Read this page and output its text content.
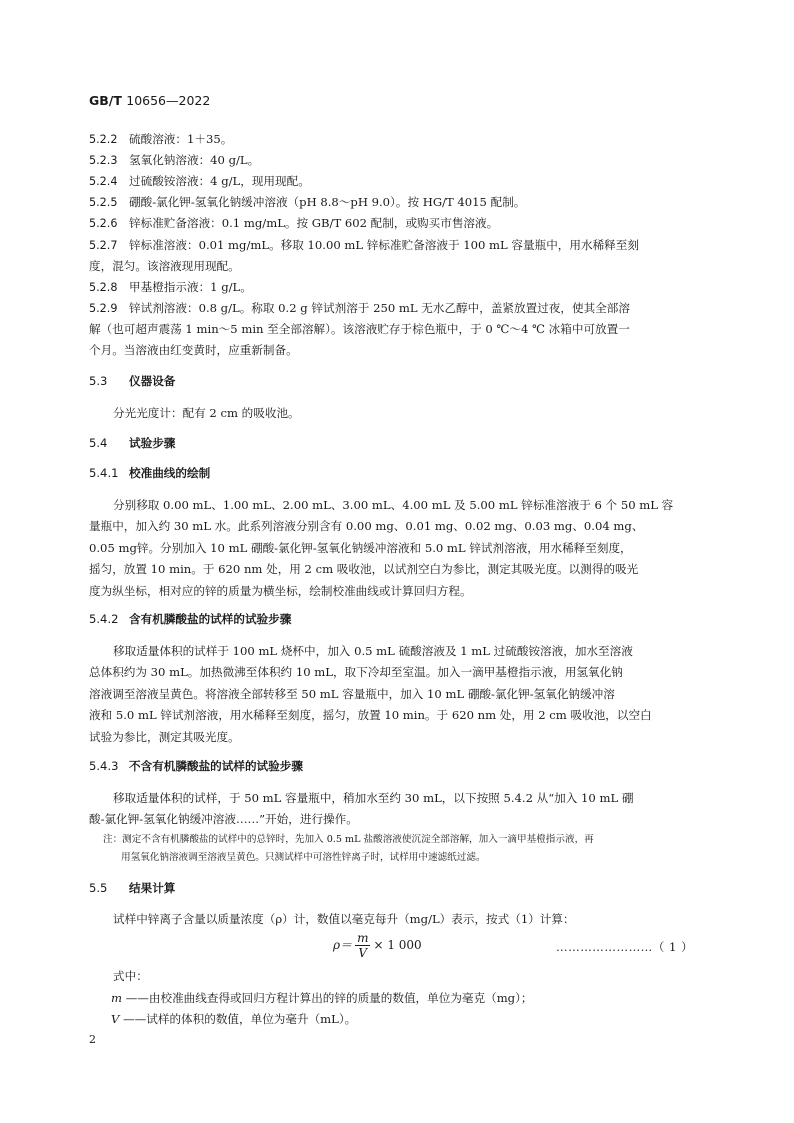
GB/T 10656—2022
5.2.2 硫酸溶液：1＋35。
5.2.3 氢氧化钠溶液：40 g/L。
5.2.4 过硫酸铵溶液：4 g/L，现用现配。
5.2.5 硼酸-氯化钾-氢氧化钠缓冲溶液（pH 8.8～pH 9.0）。按 HG/T 4015 配制。
5.2.6 锌标准贮备溶液：0.1 mg/mL。按 GB/T 602 配制，或购买市售溶液。
5.2.7 锌标准溶液：0.01 mg/mL。移取 10.00 mL 锌标准贮备溶液于 100 mL 容量瓶中，用水稀释至刻
度，混匀。该溶液现用现配。
5.2.8 甲基橙指示液：1 g/L。
5.2.9 锌试剂溶液：0.8 g/L。称取 0.2 g 锌试剂溶于 250 mL 无水乙醇中，盖紧放置过夜，使其全部溶
解（也可超声震荡 1 min～5 min 至全部溶解）。该溶液贮存于棕色瓶中，于 0 ℃～4 ℃ 冰箱中可放置一
个月。当溶液由红变黄时，应重新制备。
5.3 仪器设备
分光光度计：配有 2 cm 的吸收池。
5.4 试验步骤
5.4.1 校准曲线的绘制
分别移取 0.00 mL、1.00 mL、2.00 mL、3.00 mL、4.00 mL 及 5.00 mL 锌标准溶液于 6 个 50 mL 容
量瓶中，加入约 30 mL 水。此系列溶液分别含有 0.00 mg、0.01 mg、0.02 mg、0.03 mg、0.04 mg、
0.05 mg锌。分别加入 10 mL 硼酸-氯化钾-氢氧化钠缓冲溶液和 5.0 mL 锌试剂溶液，用水稀释至刻度，
摇匀，放置 10 min。于 620 nm 处，用 2 cm 吸收池，以试剂空白为参比，测定其吸光度。以测得的吸光
度为纵坐标，相对应的锌的质量为横坐标，绘制校准曲线或计算回归方程。
5.4.2 含有机膦酸盐的试样的试验步骤
移取适量体积的试样于 100 mL 烧杯中，加入 0.5 mL 硫酸溶液及 1 mL 过硫酸铵溶液，加水至溶液
总体积约为 30 mL。加热微沸至体积约 10 mL，取下冷却至室温。加入一滴甲基橙指示液，用氢氧化钠
溶液调至溶液呈黄色。将溶液全部转移至 50 mL 容量瓶中，加入 10 mL 硼酸-氯化钾-氢氧化钠缓冲溶
液和 5.0 mL 锌试剂溶液，用水稀释至刻度，摇匀，放置 10 min。于 620 nm 处，用 2 cm 吸收池，以空白
试验为参比，测定其吸光度。
5.4.3 不含有机膦酸盐的试样的试验步骤
移取适量体积的试样，于 50 mL 容量瓶中，稍加水至约 30 mL，以下按照 5.4.2 从“加入 10 mL 硼
酸-氯化钾-氢氧化钠缓冲溶液……”开始，进行操作。
注：测定不含有机膦酸盐的试样中的总锌时，先加入 0.5 mL 盐酸溶液使沉淀全部溶解，加入一滴甲基橙指示液，再
用氢氧化钠溶液调至溶液呈黄色。只测试样中可溶性锌离子时，试样用中速滤纸过滤。
5.5 结果计算
试样中锌离子含量以质量浓度（ρ）计，数值以毫克每升（mg/L）表示，按式（1）计算：
$\rho= \frac{m}{V} \times 1$ 000	……………………（ 1 ）
式中：
m ——由校准曲线查得或回归方程计算出的锌的质量的数值，单位为毫克（mg）；
V ——试样的体积的数值，单位为毫升（mL）。
2
